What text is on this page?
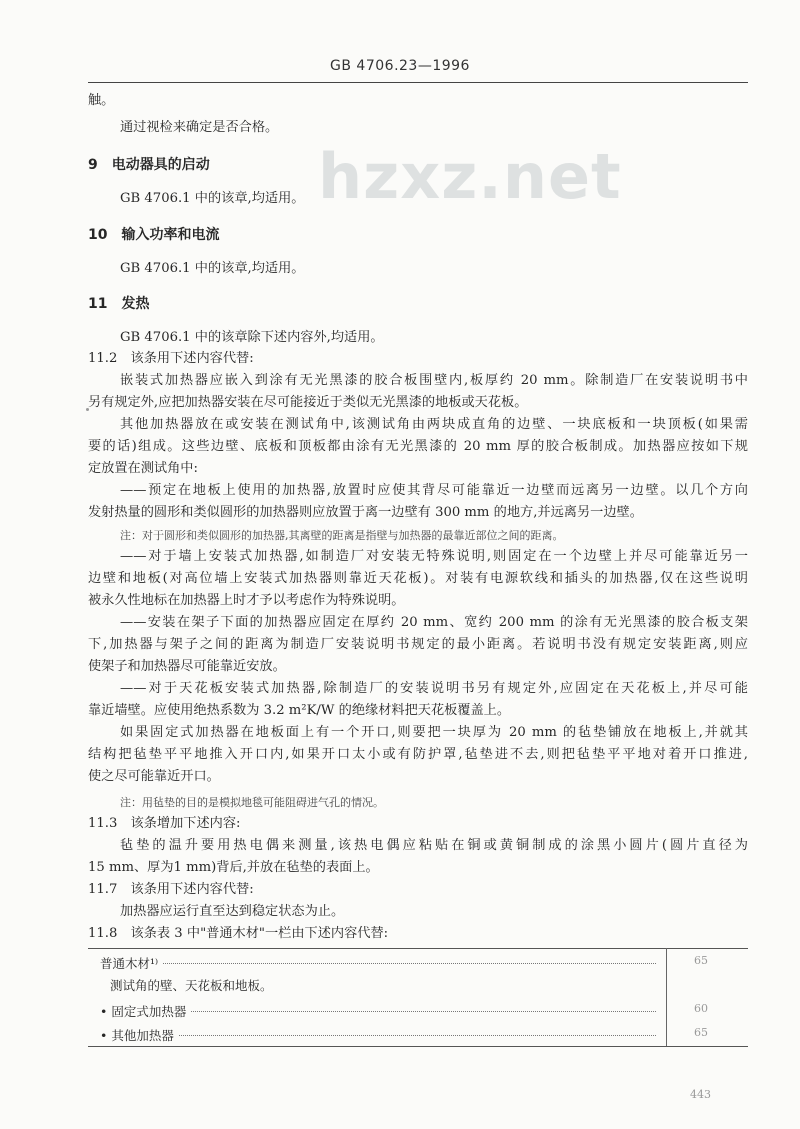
GB 4706.23—1996
hzxz.net
触。
通过视检来确定是否合格。
9　电动器具的启动
GB 4706.1 中的该章,均适用。
10　输入功率和电流
GB 4706.1 中的该章,均适用。
11　发热
GB 4706.1 中的该章除下述内容外,均适用。
11.2　该条用下述内容代替:
嵌装式加热器应嵌入到涂有无光黑漆的胶合板围壁内,板厚约 20 mm。除制造厂在安装说明书中
另有规定外,应把加热器安装在尽可能接近于类似无光黑漆的地板或天花板。
其他加热器放在或安装在测试角中,该测试角由两块成直角的边壁、一块底板和一块顶板(如果需
要的话)组成。这些边壁、底板和顶板都由涂有无光黑漆的 20 mm 厚的胶合板制成。加热器应按如下规
定放置在测试角中:
——预定在地板上使用的加热器,放置时应使其背尽可能靠近一边壁而远离另一边壁。以几个方向
发射热量的圆形和类似圆形的加热器则应放置于离一边壁有 300 mm 的地方,并远离另一边壁。
注：对于圆形和类似圆形的加热器,其离壁的距离是指壁与加热器的最靠近部位之间的距离。
——对于墙上安装式加热器,如制造厂对安装无特殊说明,则固定在一个边壁上并尽可能靠近另一
边壁和地板(对高位墙上安装式加热器则靠近天花板)。对装有电源软线和插头的加热器,仅在这些说明
被永久性地标在加热器上时才予以考虑作为特殊说明。
——安装在架子下面的加热器应固定在厚约 20 mm、宽约 200 mm 的涂有无光黑漆的胶合板支架
下,加热器与架子之间的距离为制造厂安装说明书规定的最小距离。若说明书没有规定安装距离,则应
使架子和加热器尽可能靠近安放。
——对于天花板安装式加热器,除制造厂的安装说明书另有规定外,应固定在天花板上,并尽可能
靠近墙壁。应使用绝热系数为 3.2 m²K/W 的绝缘材料把天花板覆盖上。
如果固定式加热器在地板面上有一个开口,则要把一块厚为 20 mm 的毡垫铺放在地板上,并就其
结构把毡垫平平地推入开口内,如果开口太小或有防护罩,毡垫进不去,则把毡垫平平地对着开口推进,
使之尽可能靠近开口。
注：用毡垫的目的是模拟地毯可能阻碍进气孔的情况。
11.3　该条增加下述内容:
毡垫的温升要用热电偶来测量,该热电偶应粘贴在铜或黄铜制成的涂黑小圆片(圆片直径为
15 mm、厚为1 mm)背后,并放在毡垫的表面上。
11.7　该条用下述内容代替:
加热器应运行直至达到稳定状态为止。
11.8　该条表 3 中"普通木材"一栏由下述内容代替:
普通木材¹⁾	65
测试角的壁、天花板和地板。
• 固定式加热器	60
• 其他加热器	65
443
